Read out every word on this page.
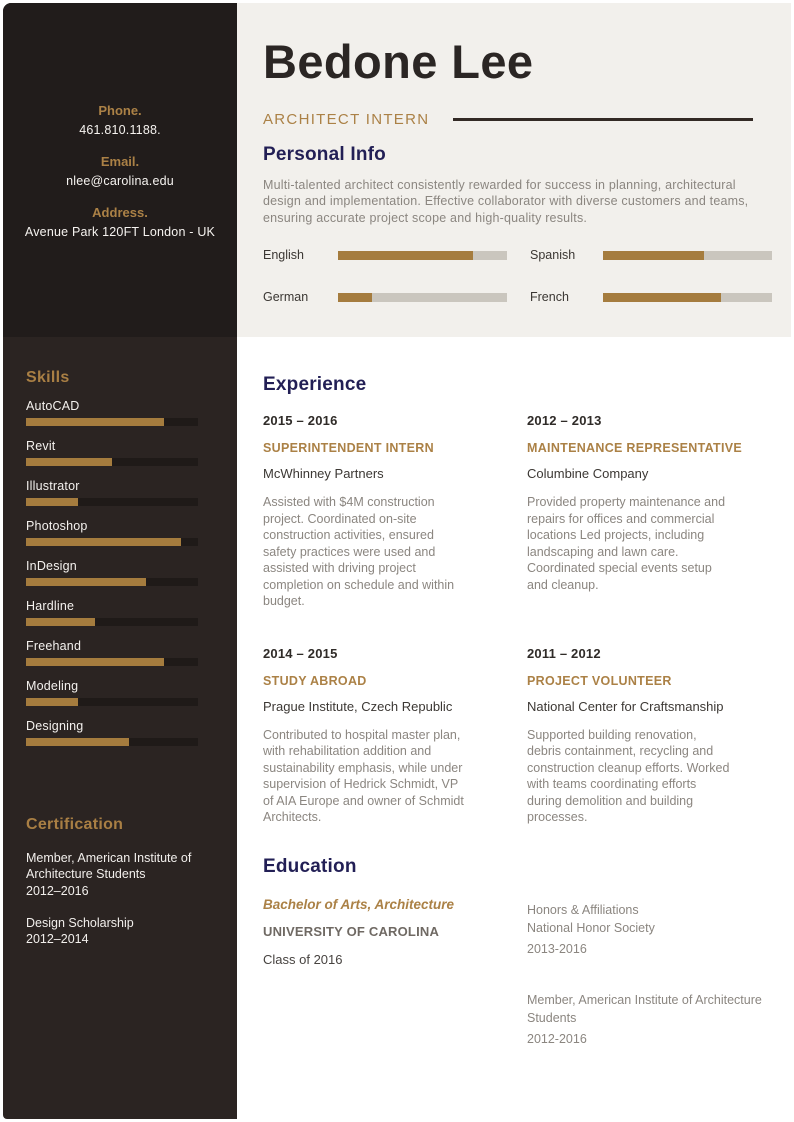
Phone.
461.810.1188.
Email.
nlee@carolina.edu
Address.
Avenue Park 120FT London - UK
Skills
AutoCAD
Revit
Illustrator
Photoshop
InDesign
Hardline
Freehand
Modeling
Designing
Certification
Member, American Institute of Architecture Students
2012–2016
Design Scholarship
2012–2014
Bedone Lee
ARCHITECT INTERN
Personal Info

Multi-talented architect consistently rewarded for success in planning, architectural design and implementation. Effective collaborator with diverse customers and teams, ensuring accurate project scope and high-quality results.

English	Spanish
German	French
Experience
2015 – 2016
SUPERINTENDENT INTERN
McWhinney Partners

Assisted with $4M construction project. Coordinated on-site construction activities, ensured safety practices were used and assisted with driving project completion on schedule and within budget.

2012 – 2013
MAINTENANCE REPRESENTATIVE
Columbine Company

Provided property maintenance and repairs for offices and commercial locations Led projects, including landscaping and lawn care. Coordinated special events setup and cleanup.

2014 – 2015
STUDY ABROAD
Prague Institute, Czech Republic

Contributed to hospital master plan, with rehabilitation addition and sustainability emphasis, while under supervision of Hedrick Schmidt, VP of AIA Europe and owner of Schmidt Architects.

2011 – 2012
PROJECT VOLUNTEER
National Center for Craftsmanship

Supported building renovation, debris containment, recycling and construction cleanup efforts. Worked with teams coordinating efforts during demolition and building processes.

Education
Bachelor of Arts, Architecture
UNIVERSITY OF CAROLINA
Class of 2016
Honors & Affiliations
National Honor Society
2013-2016
Member, American Institute of Architecture Students
2012-2016
